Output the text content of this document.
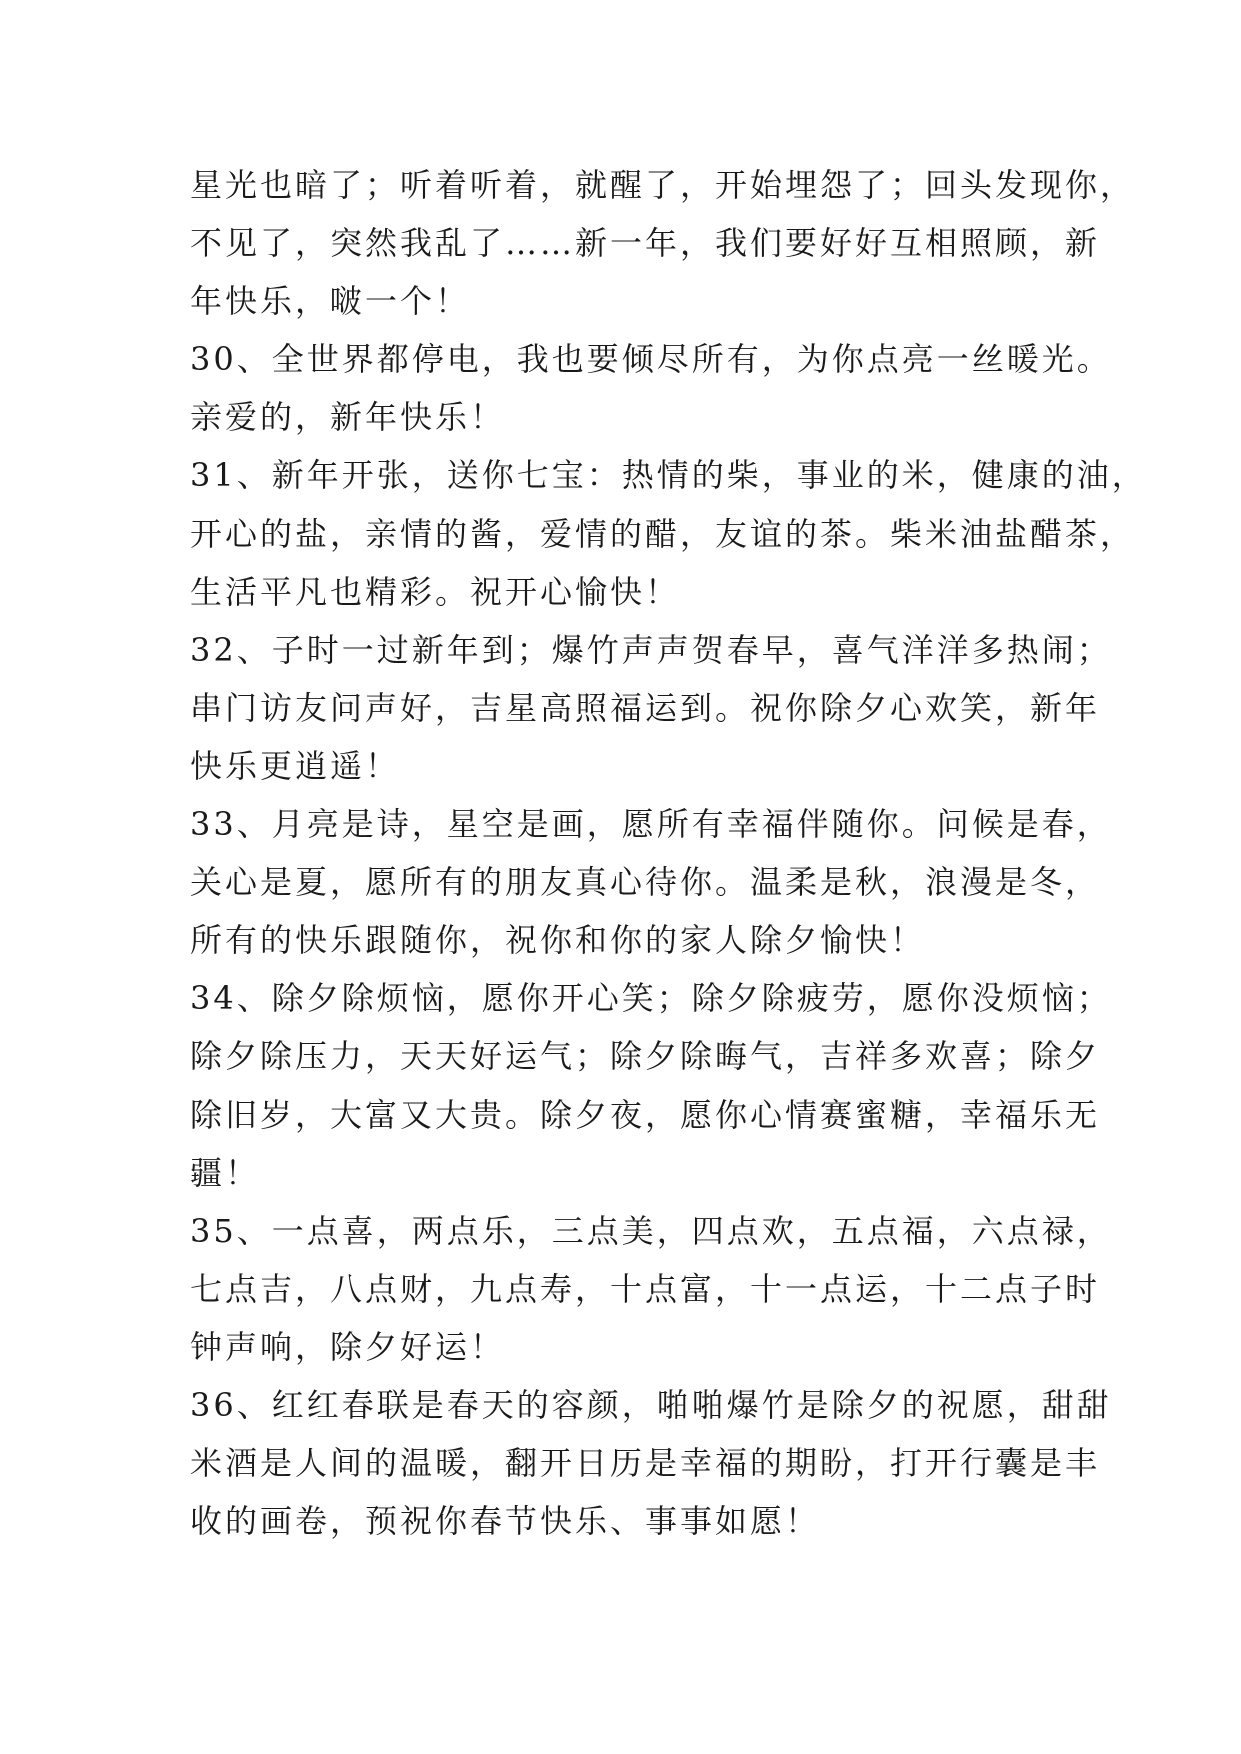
星光也暗了；听着听着，就醒了，开始埋怨了；回头发现你，
不见了，突然我乱了……新一年，我们要好好互相照顾，新
年快乐，啵一个！
30、全世界都停电，我也要倾尽所有，为你点亮一丝暖光。
亲爱的，新年快乐！
31、新年开张，送你七宝：热情的柴，事业的米，健康的油，
开心的盐，亲情的酱，爱情的醋，友谊的茶。柴米油盐醋茶，
生活平凡也精彩。祝开心愉快！
32、子时一过新年到；爆竹声声贺春早，喜气洋洋多热闹；
串门访友问声好，吉星高照福运到。祝你除夕心欢笑，新年
快乐更逍遥！
33、月亮是诗，星空是画，愿所有幸福伴随你。问候是春，
关心是夏，愿所有的朋友真心待你。温柔是秋，浪漫是冬，
所有的快乐跟随你，祝你和你的家人除夕愉快！
34、除夕除烦恼，愿你开心笑；除夕除疲劳，愿你没烦恼；
除夕除压力，天天好运气；除夕除晦气，吉祥多欢喜；除夕
除旧岁，大富又大贵。除夕夜，愿你心情赛蜜糖，幸福乐无
疆！
35、一点喜，两点乐，三点美，四点欢，五点福，六点禄，
七点吉，八点财，九点寿，十点富，十一点运，十二点子时
钟声响，除夕好运！
36、红红春联是春天的容颜，啪啪爆竹是除夕的祝愿，甜甜
米酒是人间的温暖，翻开日历是幸福的期盼，打开行囊是丰
收的画卷，预祝你春节快乐、事事如愿！
